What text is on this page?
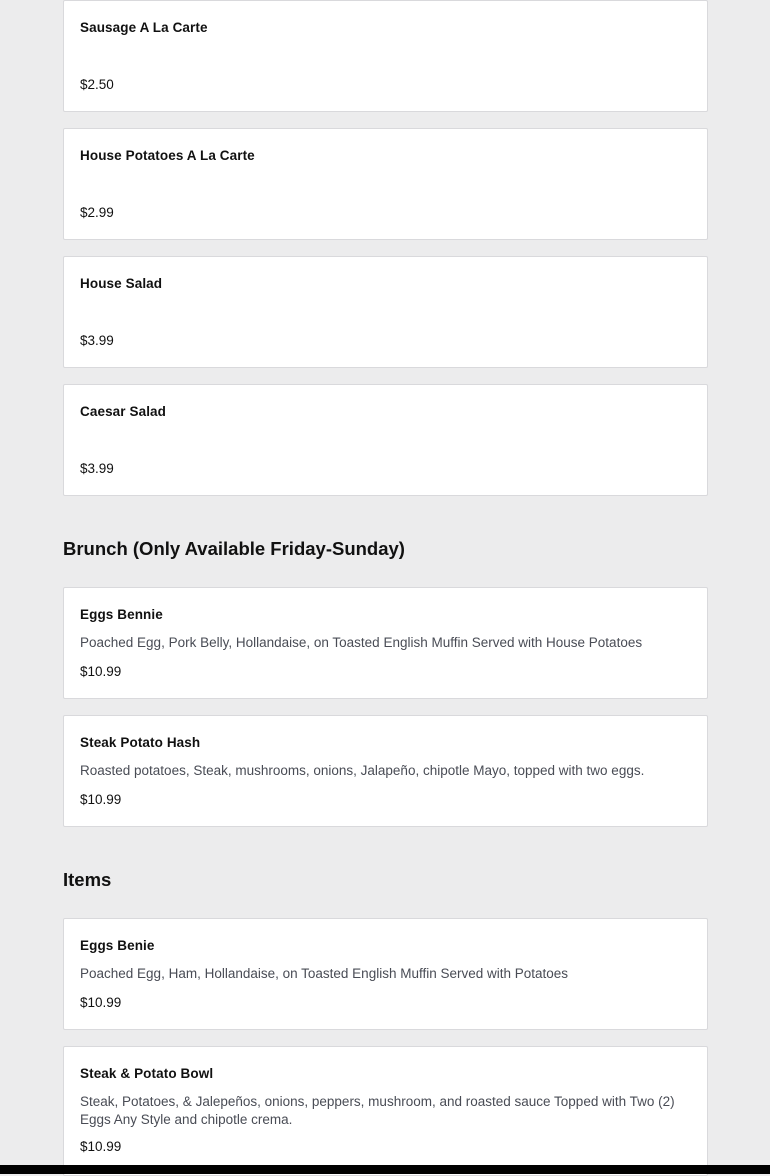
Sausage A La Carte
$2.50
House Potatoes A La Carte
$2.99
House Salad
$3.99
Caesar Salad
$3.99
Brunch (Only Available Friday-Sunday)
Eggs Bennie
Poached Egg, Pork Belly, Hollandaise, on Toasted English Muffin Served with House Potatoes
$10.99
Steak Potato Hash
Roasted potatoes, Steak, mushrooms, onions, Jalapeño, chipotle Mayo, topped with two eggs.
$10.99
Items
Eggs Benie
Poached Egg, Ham, Hollandaise, on Toasted English Muffin Served with Potatoes
$10.99
Steak & Potato Bowl
Steak, Potatoes, & Jalepeños, onions, peppers, mushroom, and roasted sauce Topped with Two (2) Eggs Any Style and chipotle crema.
$10.99
